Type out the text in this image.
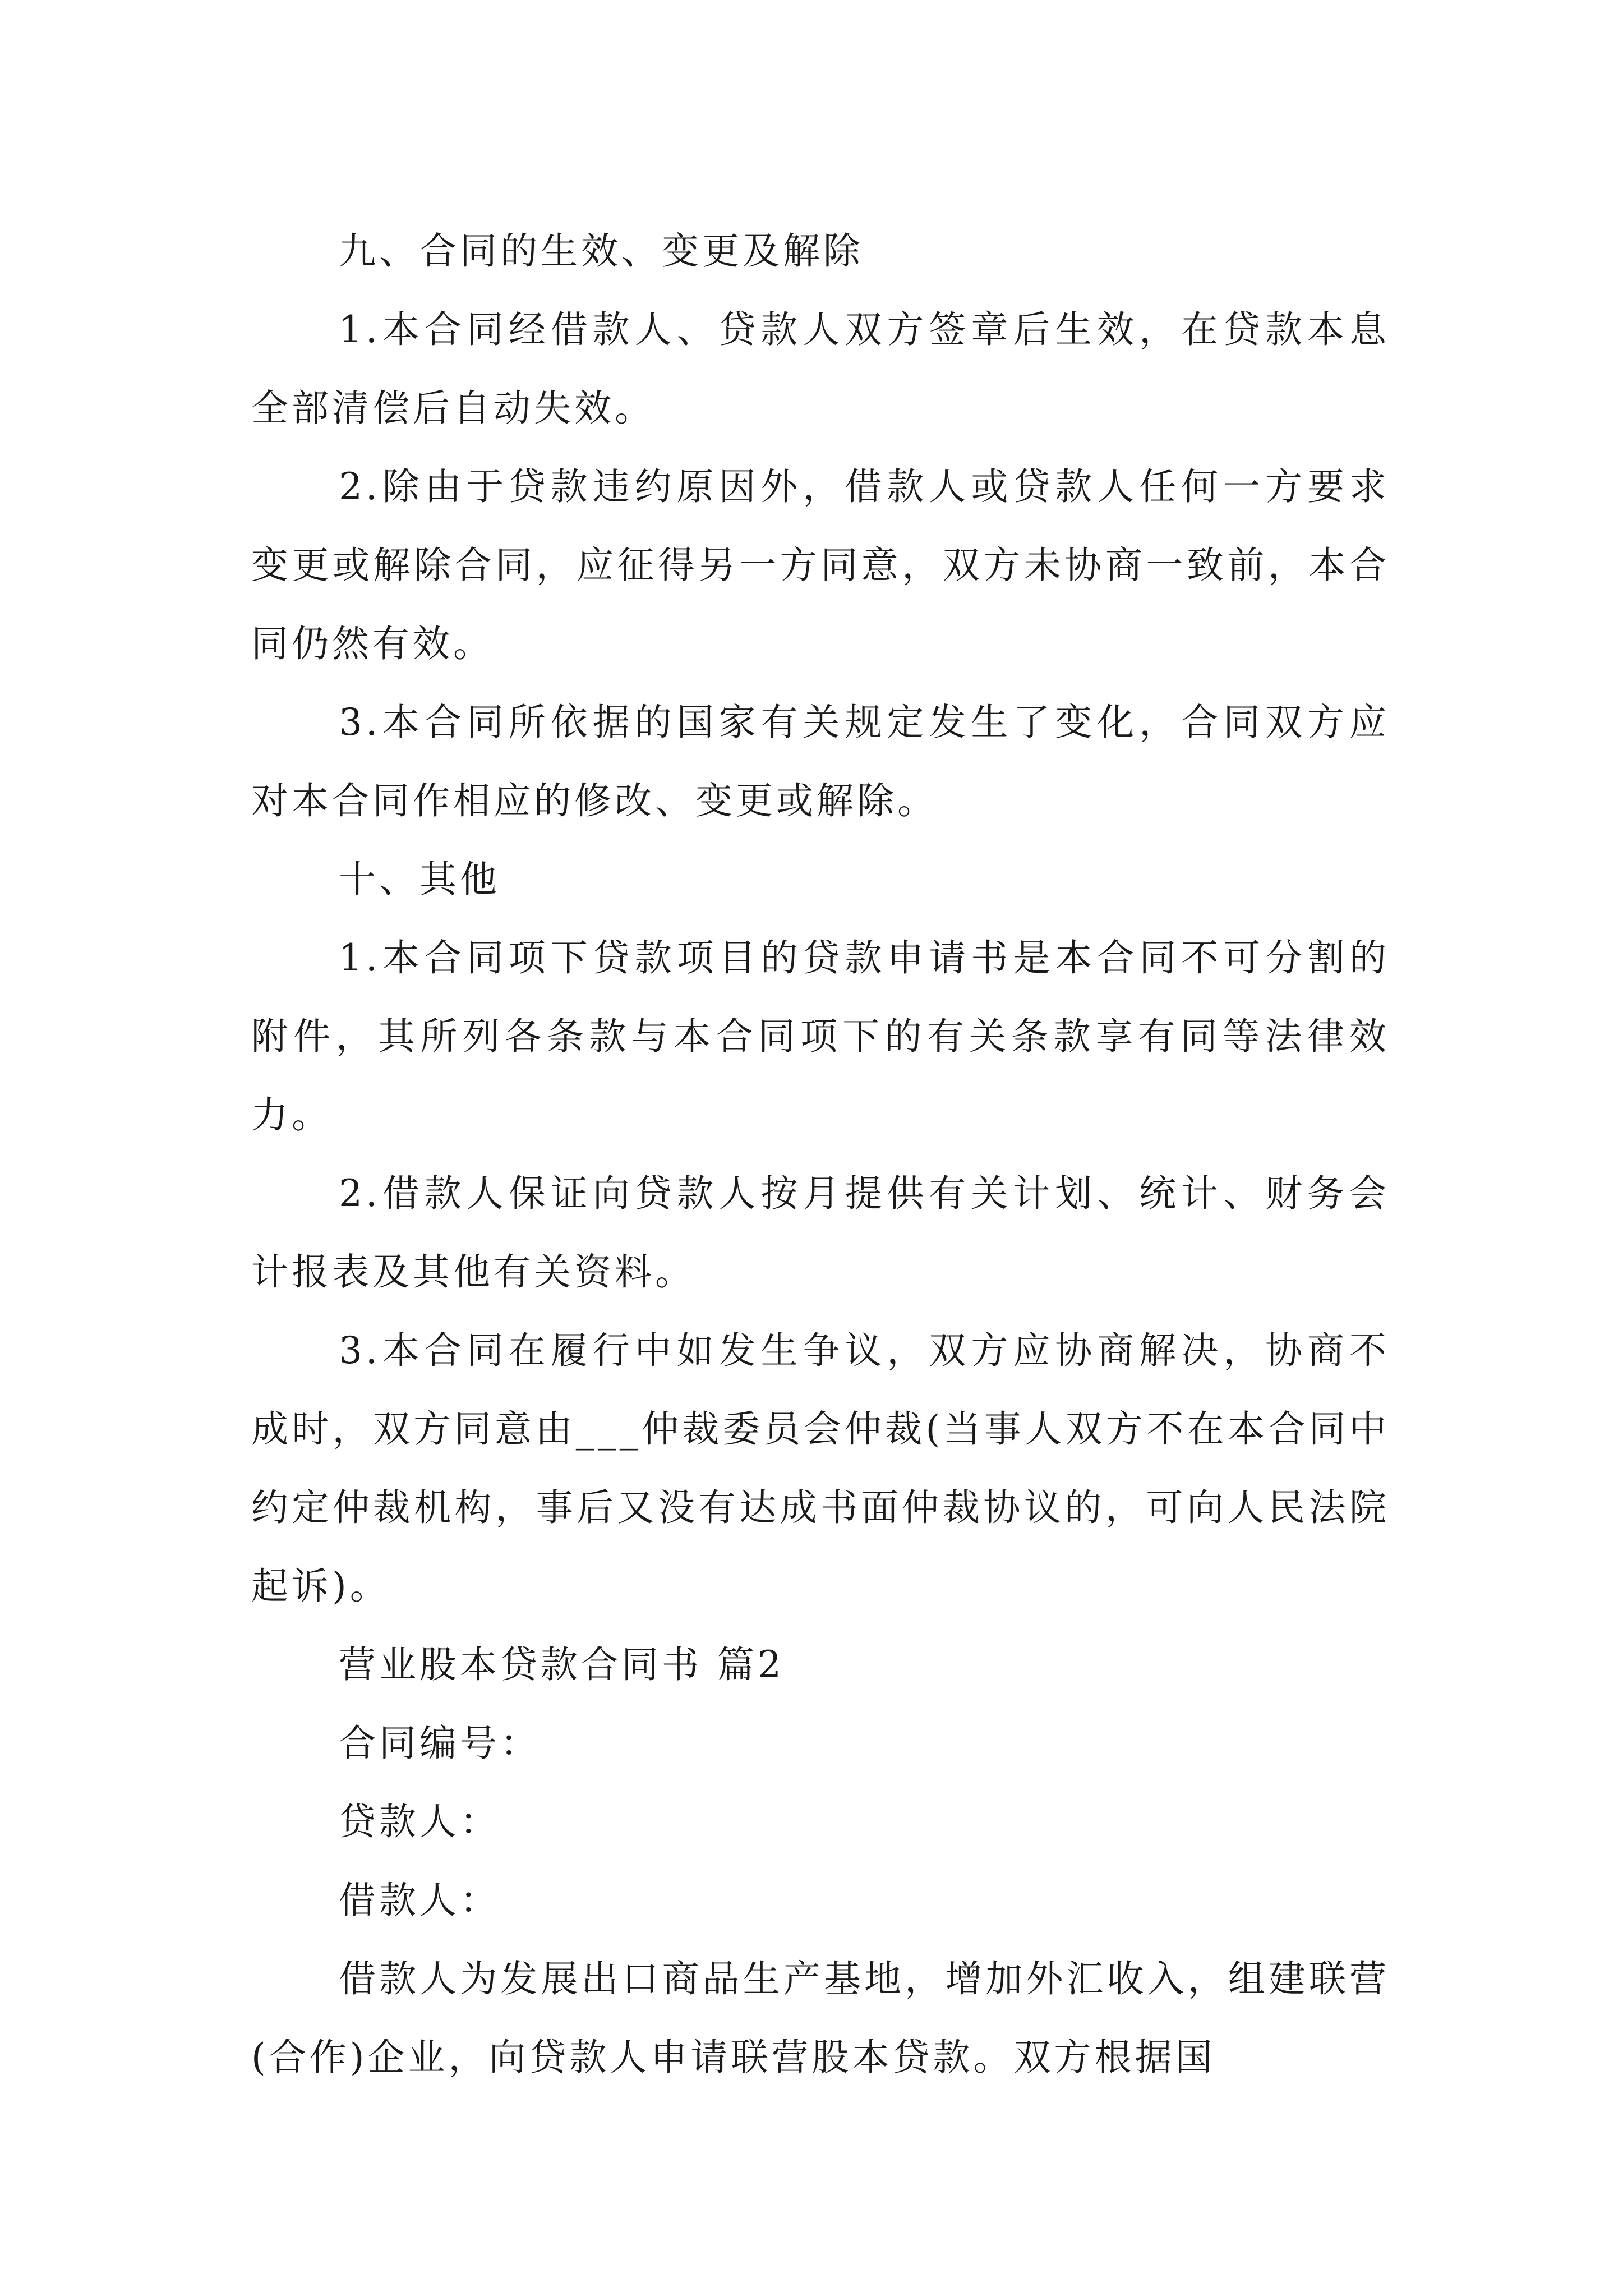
九、合同的生效、变更及解除

1.本合同经借款人、贷款人双方签章后生效，在贷款本息全部清偿后自动失效。

2.除由于贷款违约原因外，借款人或贷款人任何一方要求变更或解除合同，应征得另一方同意，双方未协商一致前，本合同仍然有效。

3.本合同所依据的国家有关规定发生了变化，合同双方应对本合同作相应的修改、变更或解除。

十、其他

1.本合同项下贷款项目的贷款申请书是本合同不可分割的附件，其所列各条款与本合同项下的有关条款享有同等法律效力。

2.借款人保证向贷款人按月提供有关计划、统计、财务会计报表及其他有关资料。

3.本合同在履行中如发生争议，双方应协商解决，协商不成时，双方同意由___仲裁委员会仲裁(当事人双方不在本合同中约定仲裁机构，事后又没有达成书面仲裁协议的，可向人民法院起诉)。

营业股本贷款合同书 篇2

合同编号：

贷款人：

借款人：

借款人为发展出口商品生产基地，增加外汇收入，组建联营(合作)企业，向贷款人申请联营股本贷款。双方根据国
